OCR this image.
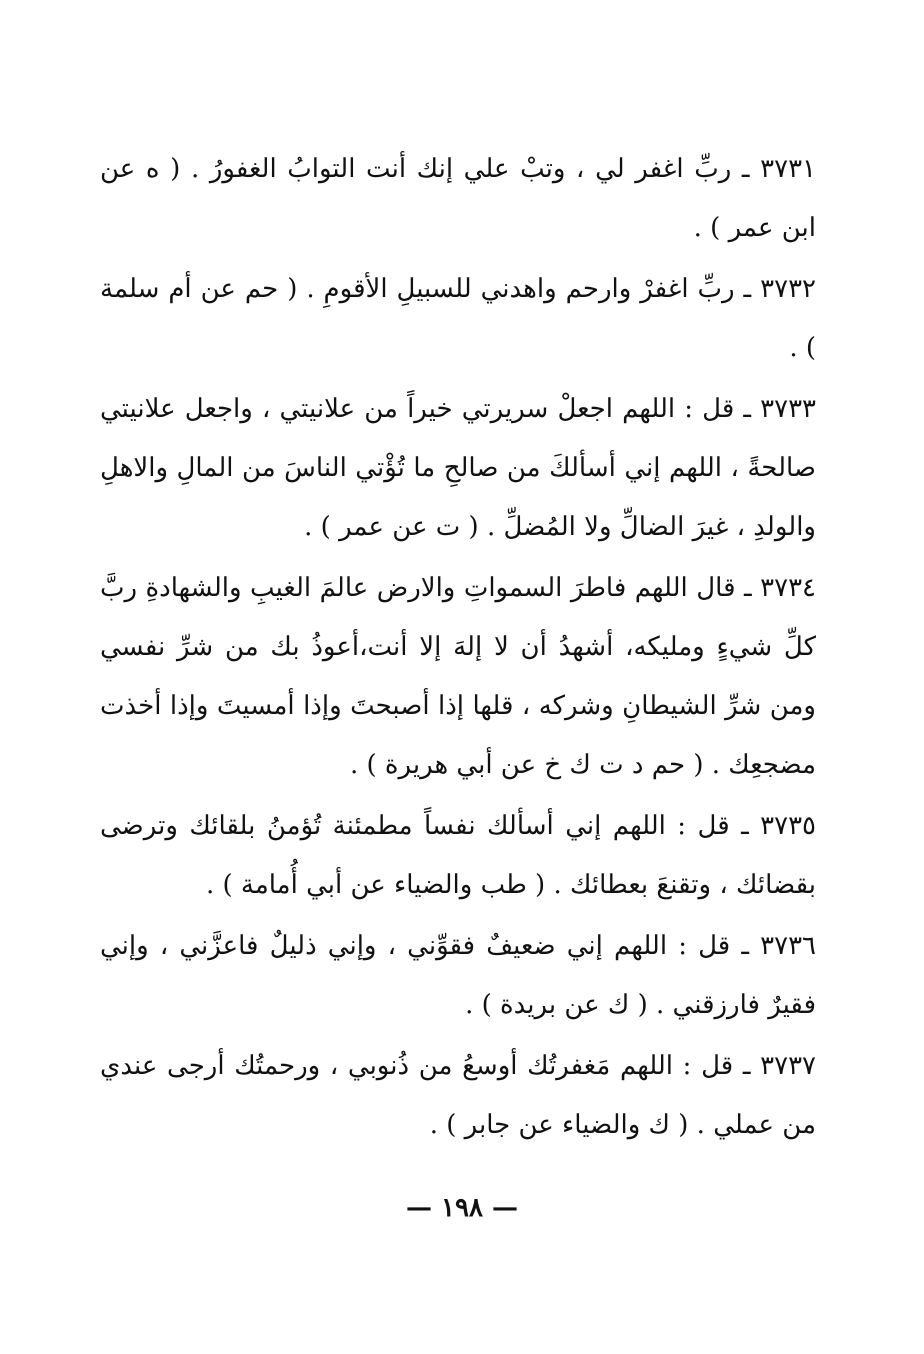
٣٧٣١ ـ ربِّ اغفر لي ، وتبْ علي إنك أنت التوابُ الغفورُ . ( ه عن ابن عمر ) .

٣٧٣٢ ـ ربِّ اغفرْ وارحم واهدني للسبيلِ الأقومِ . ( حم عن أم سلمة ) .

٣٧٣٣ ـ قل : اللهم اجعلْ سريرتي خيراً من علانيتي ، واجعل علانيتي صالحةً ، اللهم إني أسألكَ من صالحِ ما تُؤْتي الناسَ من المالِ والاهلِ والولدِ ، غيرَ الضالِّ ولا المُضلِّ . ( ت عن عمر ) .

٣٧٣٤ ـ قال اللهم فاطرَ السمواتِ والارض عالمَ الغيبِ والشهادةِ ربَّ كلِّ شيءٍ ومليكه، أشهدُ أن لا إلهَ إلا أنت،أعوذُ بك من شرِّ نفسي ومن شرِّ الشيطانِ وشركه ، قلها إذا أصبحتَ وإذا أمسيتَ وإذا أخذت مضجعِك . ( حم د ت ك خ عن أبي هريرة ) .

٣٧٣٥ ـ قل : اللهم إني أسألك نفساً مطمئنة تُؤمنُ بلقائك وترضى بقضائك ، وتقنعَ بعطائك . ( طب والضياء عن أبي أُمامة ) .

٣٧٣٦ ـ قل : اللهم إني ضعيفٌ فقوِّني ، وإني ذليلٌ فاعزَّني ، وإني فقيرٌ فارزقني . ( ك عن بريدة ) .

٣٧٣٧ ـ قل : اللهم مَغفرتُك أوسعُ من ذُنوبي ، ورحمتُك أرجى عندي من عملي . ( ك والضياء عن جابر ) .

— ١٩٨ —
